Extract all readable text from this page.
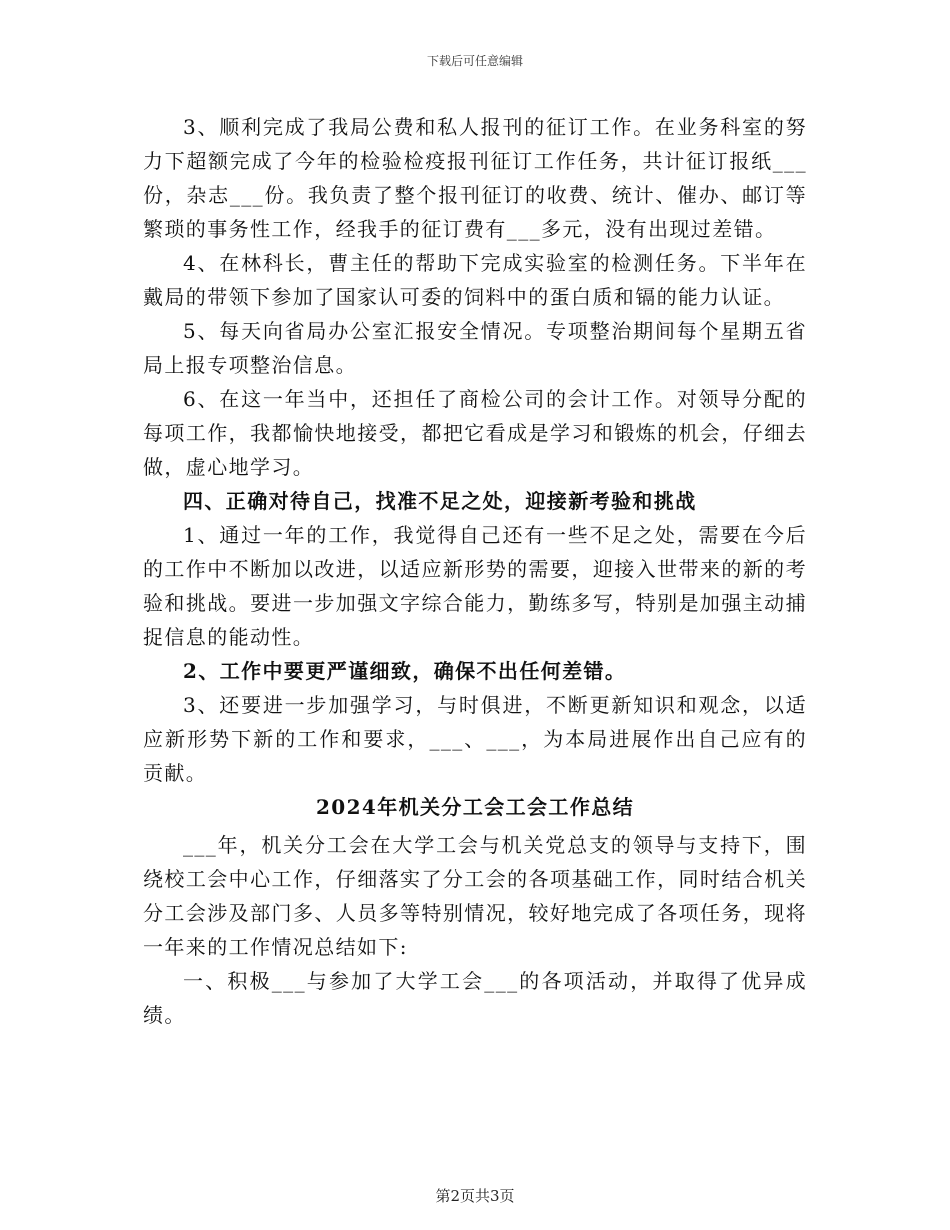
下载后可任意编辑

3、顺利完成了我局公费和私人报刊的征订工作。在业务科室的努力下超额完成了今年的检验检疫报刊征订工作任务，共计征订报纸___份，杂志___份。我负责了整个报刊征订的收费、统计、催办、邮订等繁琐的事务性工作，经我手的征订费有___多元，没有出现过差错。

4、在林科长，曹主任的帮助下完成实验室的检测任务。下半年在戴局的带领下参加了国家认可委的饲料中的蛋白质和镉的能力认证。

5、每天向省局办公室汇报安全情况。专项整治期间每个星期五省局上报专项整治信息。

6、在这一年当中，还担任了商检公司的会计工作。对领导分配的每项工作，我都愉快地接受，都把它看成是学习和锻炼的机会，仔细去做，虚心地学习。

四、正确对待自己，找准不足之处，迎接新考验和挑战

1、通过一年的工作，我觉得自己还有一些不足之处，需要在今后的工作中不断加以改进，以适应新形势的需要，迎接入世带来的新的考验和挑战。要进一步加强文字综合能力，勤练多写，特别是加强主动捕捉信息的能动性。

2、工作中要更严谨细致，确保不出任何差错。

3、还要进一步加强学习，与时俱进，不断更新知识和观念，以适应新形势下新的工作和要求，___、___，为本局进展作出自己应有的贡献。

2024年机关分工会工会工作总结

___年，机关分工会在大学工会与机关党总支的领导与支持下，围绕校工会中心工作，仔细落实了分工会的各项基础工作，同时结合机关分工会涉及部门多、人员多等特别情况，较好地完成了各项任务，现将一年来的工作情况总结如下:

一、积极___与参加了大学工会___的各项活动，并取得了优异成绩。

第2页共3页
